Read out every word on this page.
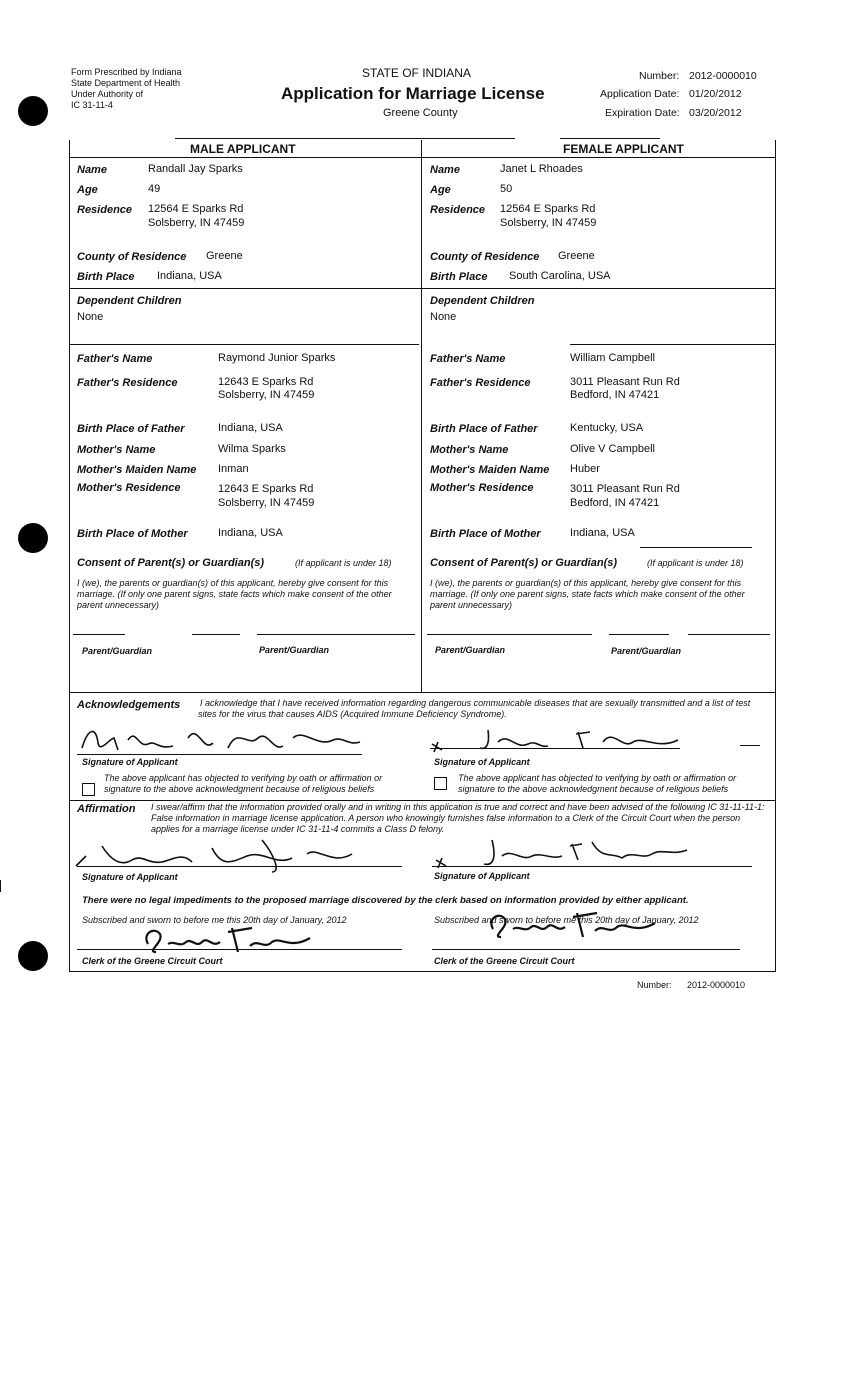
Form Prescribed by Indiana
State Department of Health
Under Authority of
IC 31-11-4
STATE OF INDIANA
Application for Marriage License
Greene County
Number: 2012-0000010
Application Date: 01/20/2012
Expiration Date: 03/20/2012
MALE APPLICANT	FEMALE APPLICANT
Name	Randall Jay Sparks
Age	49
Residence 12564 E Sparks Rd
Solsberry, IN 47459
County of Residence Greene
Birth Place Indiana, USA
Dependent Children
None
Father's Name	Raymond Junior Sparks
Father's Residence	12643 E Sparks Rd
Solsberry, IN 47459
Birth Place of Father	Indiana, USA
Mother's Name	Wilma Sparks
Mother's Maiden Name Inman
Mother's Residence	12643 E Sparks Rd
Solsberry, IN 47459
Birth Place of Mother	Indiana, USA
Consent of Parent(s) or Guardian(s)	(If applicant is under 18)
I (we), the parents or guardian(s) of this applicant, hereby give consent for this marriage. (If only one parent signs, state facts which make consent of the other parent unnecessary)
Parent/Guardian	Parent/Guardian
Name	Janet L Rhoades
Age	50
Residence 12564 E Sparks Rd
Solsberry, IN 47459
County of Residence Greene
Birth Place South Carolina, USA
Dependent Children
None
Father's Name	William Campbell
Father's Residence	3011 Pleasant Run Rd
Bedford, IN 47421
Birth Place of Father	Kentucky, USA
Mother's Name	Olive V Campbell
Mother's Maiden Name Huber
Mother's Residence	3011 Pleasant Run Rd
Bedford, IN 47421
Birth Place of Mother	Indiana, USA
Consent of Parent(s) or Guardian(s)	(If applicant is under 18)
I (we), the parents or guardian(s) of this applicant, hereby give consent for this marriage. (If only one parent signs, state facts which make consent of the other parent unnecessary)
Parent/Guardian	Parent/Guardian
Acknowledgements I acknowledge that I have received information regarding dangerous communicable diseases that are sexually transmitted and a list of test sites for the virus that causes AIDS (Acquired Immune Deficiency Syndrome).
Signature of Applicant	Signature of Applicant
The above applicant has objected to verifying by oath or affirmation or signature to the above acknowledgment because of religious beliefs
The above applicant has objected to verifying by oath or affirmation or signature to the above acknowledgment because of religious beliefs
Affirmation I swear/affirm that the information provided orally and in writing in this application is true and correct and have been advised of the following IC 31-11-11-1: False information in marriage license application. A person who knowingly furnishes false information to a Clerk of the Circuit Court when the person applies for a marriage license under IC 31-11-4 commits a Class D felony.
Signature of Applicant	Signature of Applicant
There were no legal impediments to the proposed marriage discovered by the clerk based on information provided by either applicant.
Subscribed and sworn to before me this 20th day of January, 2012	Subscribed and sworn to before me this 20th day of January, 2012
Clerk of the Greene Circuit Court	Clerk of the Greene Circuit Court
Number: 2012-0000010
